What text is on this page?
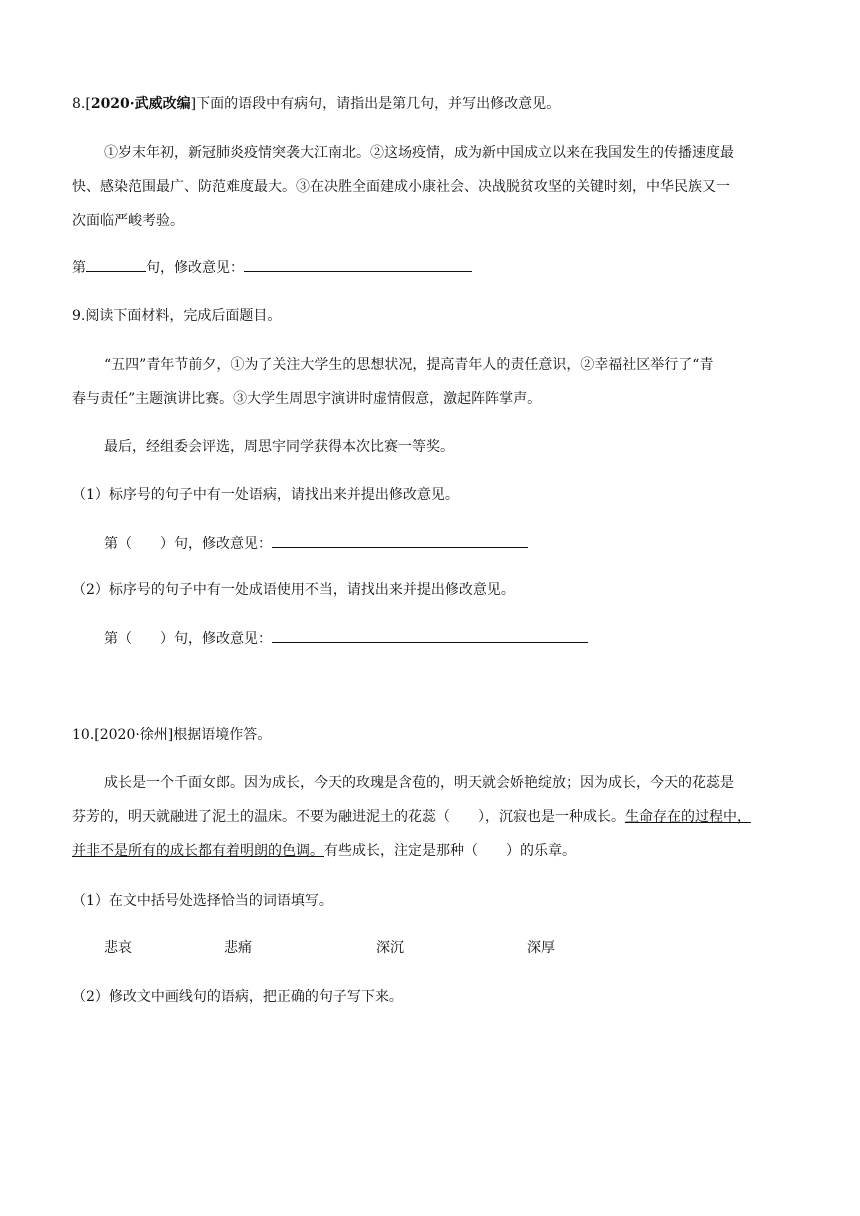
8.[2020·武威改编]下面的语段中有病句，请指出是第几句，并写出修改意见。
①岁末年初，新冠肺炎疫情突袭大江南北。②这场疫情，成为新中国成立以来在我国发生的传播速度最
快、感染范围最广、防范难度最大。③在决胜全面建成小康社会、决战脱贫攻坚的关键时刻，中华民族又一
次面临严峻考验。
第	句，修改意见：
9.阅读下面材料，完成后面题目。
“五四”青年节前夕，①为了关注大学生的思想状况，提高青年人的责任意识，②幸福社区举行了“青
春与责任”主题演讲比赛。③大学生周思宇演讲时虚情假意，激起阵阵掌声。
最后，经组委会评选，周思宇同学获得本次比赛一等奖。
（1）标序号的句子中有一处语病，请找出来并提出修改意见。
第（　　）句，修改意见：
（2）标序号的句子中有一处成语使用不当，请找出来并提出修改意见。
第（　　）句，修改意见：
10.[2020·徐州]根据语境作答。
成长是一个千面女郎。因为成长，今天的玫瑰是含苞的，明天就会娇艳绽放；因为成长，今天的花蕊是
芬芳的，明天就融进了泥土的温床。不要为融进泥土的花蕊（　　），沉寂也是一种成长。生命存在的过程中，
并非不是所有的成长都有着明朗的色调。有些成长，注定是那种（　　）的乐章。
（1）在文中括号处选择恰当的词语填写。
悲哀	悲痛	深沉	深厚
（2）修改文中画线句的语病，把正确的句子写下来。
